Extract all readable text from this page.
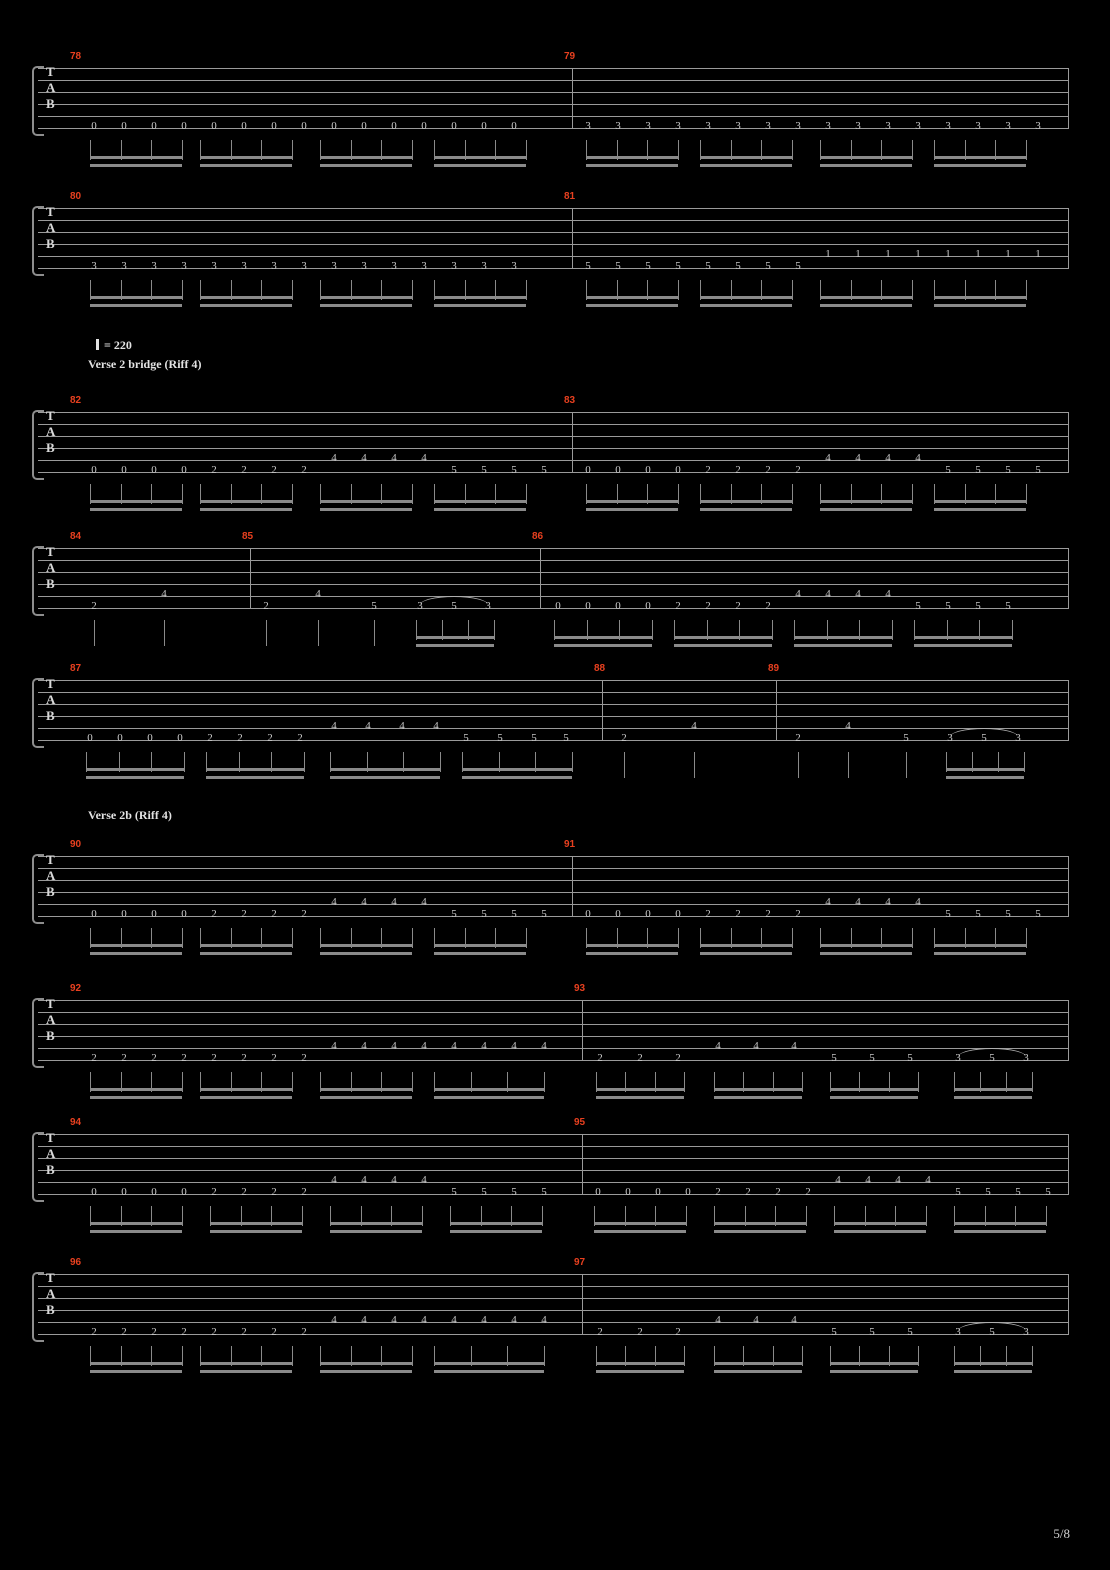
= 220
Verse 2 bridge (Riff 4)
Verse 2b (Riff 4)
5/8
T
A
B
78	79
0 0 0 0 0 0 0 0 0 0 0 0 0 0 0	3 3 3 3 3 3 3 3 3 3 3 3 3 3 3 3
T
A
B
80	81
3 3 3 3 3 3 3 3 3 3 3 3 3 3 3	5 5 5 5 5 5 5 5
1 1 1 1 1 1 1 1
T
A
B
82	83
0 0 0 0 2 2 2 2
4 4 4 4
5 5 5 5	0 0 0 0 2 2 2 2
4 4 4 4
5 5 5 5
T
A
B
84	85	86
2
4
2
4
5	3	5	3	0 0 0 0 2 2 2 2
4 4 4 4
5 5 5 5
T
A
B
87	88	89
0 0 0 0 2 2 2 2
4	4	4	4
5	5	5 5	2
4
2
4
5	3	5	3
T
A
B
90	91
0 0 0 0 2 2 2 2
4 4 4 4
5 5 5 5	0 0 0 0 2 2 2 2
4 4 4 4
5 5 5 5
T
A
B
92	93
2 2 2 2 2 2 2 2
4 4 4 4 4 4 4 4
2	2	2
4	4	4
5	5	5	3	5	3
T
A
B
94	95
0 0 0 0 2 2 2 2
4 4 4 4
5 5 5 5	0 0 0 0 2 2 2 2
4 4 4 4
5 5 5 5
T
A
B
96	97
2 2 2 2 2 2 2 2
4 4 4 4 4 4 4 4
2	2	2
4	4	4
5	5	5	3	5	3
